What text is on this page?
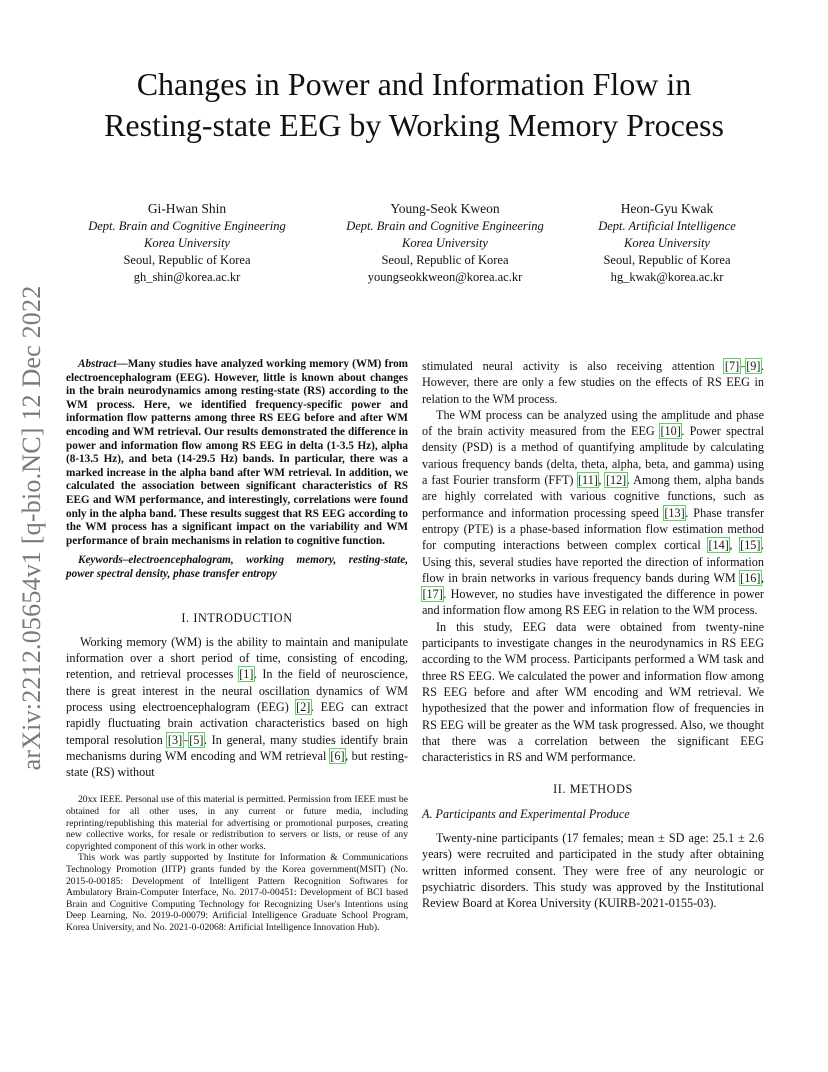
arXiv:2212.05654v1 [q-bio.NC] 12 Dec 2022
Changes in Power and Information Flow in
Resting-state EEG by Working Memory Process
Gi-Hwan Shin
Dept. Brain and Cognitive Engineering
Korea University
Seoul, Republic of Korea
gh_shin@korea.ac.kr
Young-Seok Kweon
Dept. Brain and Cognitive Engineering
Korea University
Seoul, Republic of Korea
youngseokkweon@korea.ac.kr
Heon-Gyu Kwak
Dept. Artificial Intelligence
Korea University
Seoul, Republic of Korea
hg_kwak@korea.ac.kr

Abstract—Many studies have analyzed working memory (WM) from electroencephalogram (EEG). However, little is known about changes in the brain neurodynamics among resting-state (RS) according to the WM process. Here, we identified frequency-specific power and information flow patterns among three RS EEG before and after WM encoding and WM retrieval. Our results demonstrated the difference in power and information flow among RS EEG in delta (1-3.5 Hz), alpha (8-13.5 Hz), and beta (14-29.5 Hz) bands. In particular, there was a marked increase in the alpha band after WM retrieval. In addition, we calculated the association between significant characteristics of RS EEG and WM performance, and interestingly, correlations were found only in the alpha band. These results suggest that RS EEG according to the WM process has a significant impact on the variability and WM performance of brain mechanisms in relation to cognitive function.

Keywords–electroencephalogram, working memory, resting-state, power spectral density, phase transfer entropy

I. INTRODUCTION

Working memory (WM) is the ability to maintain and manipulate information over a short period of time, consisting of encoding, retention, and retrieval processes [1]. In the field of neuroscience, there is great interest in the neural oscillation dynamics of WM process using electroencephalogram (EEG) [2]. EEG can extract rapidly fluctuating brain activation characteristics based on high temporal resolution [3]–[5]. In general, many studies identify brain mechanisms during WM encoding and WM retrieval [6], but resting-state (RS) without

20xx IEEE. Personal use of this material is permitted. Permission from IEEE must be obtained for all other uses, in any current or future media, including reprinting/republishing this material for advertising or promotional purposes, creating new collective works, for resale or redistribution to servers or lists, or reuse of any copyrighted component of this work in other works.

This work was partly supported by Institute for Information & Communications Technology Promotion (IITP) grants funded by the Korea government(MSIT) (No. 2015-0-00185: Development of Intelligent Pattern Recognition Softwares for Ambulatory Brain-Computer Interface, No. 2017-0-00451: Development of BCI based Brain and Cognitive Computing Technology for Recognizing User's Intentions using Deep Learning, No. 2019-0-00079: Artificial Intelligence Graduate School Program, Korea University, and No. 2021-0-02068: Artificial Intelligence Innovation Hub).

stimulated neural activity is also receiving attention [7]–[9]. However, there are only a few studies on the effects of RS EEG in relation to the WM process.

The WM process can be analyzed using the amplitude and phase of the brain activity measured from the EEG [10]. Power spectral density (PSD) is a method of quantifying amplitude by calculating various frequency bands (delta, theta, alpha, beta, and gamma) using a fast Fourier transform (FFT) [11], [12]. Among them, alpha bands are highly correlated with various cognitive functions, such as performance and information processing speed [13]. Phase transfer entropy (PTE) is a phase-based information flow estimation method for computing interactions between complex cortical [14], [15]. Using this, several studies have reported the direction of information flow in brain networks in various frequency bands during WM [16], [17]. However, no studies have investigated the difference in power and information flow among RS EEG in relation to the WM process.

In this study, EEG data were obtained from twenty-nine participants to investigate changes in the neurodynamics in RS EEG according to the WM process. Participants performed a WM task and three RS EEG. We calculated the power and information flow among RS EEG before and after WM encoding and WM retrieval. We hypothesized that the power and information flow of frequencies in RS EEG will be greater as the WM task progressed. Also, we thought that there was a correlation between the significant EEG characteristics in RS and WM performance.

II. METHODS
A. Participants and Experimental Produce

Twenty-nine participants (17 females; mean ± SD age: 25.1 ± 2.6 years) were recruited and participated in the study after obtaining written informed consent. They were free of any neurologic or psychiatric disorders. This study was approved by the Institutional Review Board at Korea University (KUIRB-2021-0155-03).
